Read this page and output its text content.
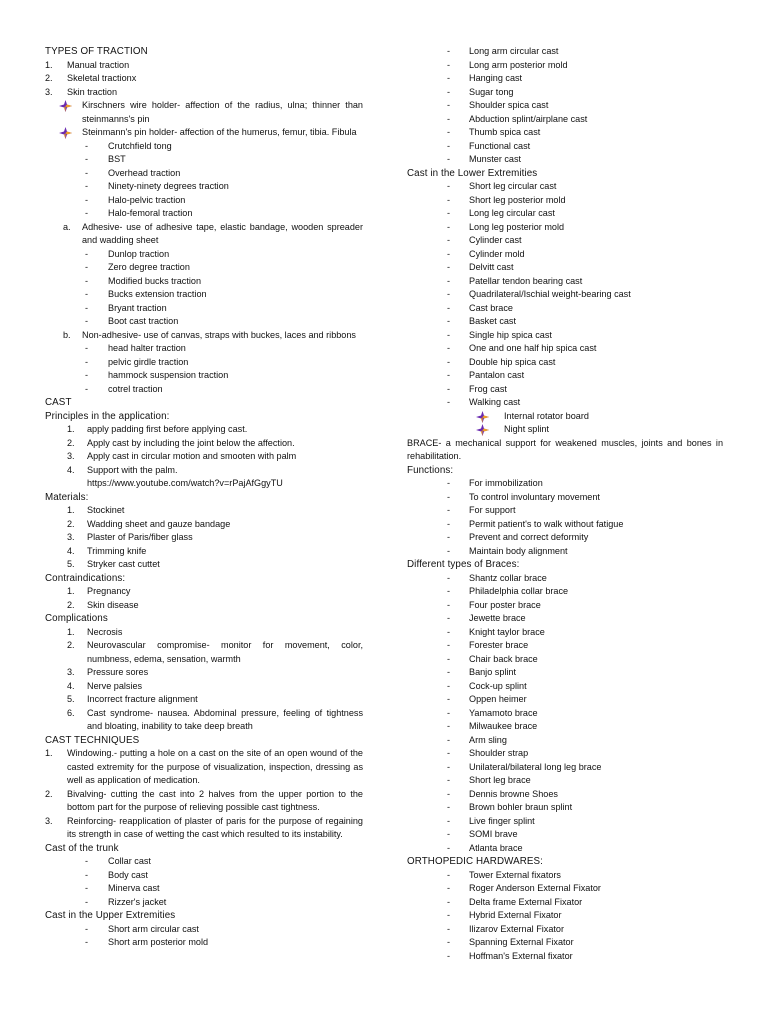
TYPES OF TRACTION
1. Manual traction
2. Skeletal tractionx
3. Skin traction
Kirschners wire holder- affection of the radius, ulna; thinner than steinmanns's pin
Steinmann's pin holder- affection of the humerus, femur, tibia. Fibula
- Crutchfield tong
- BST
- Overhead traction
- Ninety-ninety degrees traction
- Halo-pelvic traction
- Halo-femoral traction
a. Adhesive- use of adhesive tape, elastic bandage, wooden spreader and wadding sheet
- Dunlop traction
- Zero degree traction
- Modified bucks traction
- Bucks extension traction
- Bryant traction
- Boot cast traction
b. Non-adhesive- use of canvas, straps with buckes, laces and ribbons
- head halter traction
- pelvic girdle traction
- hammock suspension traction
- cotrel traction
CAST
Principles in the application:
1. apply padding first before applying cast.
2. Apply cast by including the joint below the affection.
3. Apply cast in circular motion and smooten with palm
4. Support with the palm.
https://www.youtube.com/watch?v=rPajAfGgyTU
Materials:
1. Stockinet
2. Wadding sheet and gauze bandage
3. Plaster of Paris/fiber glass
4. Trimming knife
5. Stryker cast cuttet
Contraindications:
1. Pregnancy
2. Skin disease
Complications
1. Necrosis
2. Neurovascular compromise- monitor for movement, color, numbness, edema, sensation, warmth
3. Pressure sores
4. Nerve palsies
5. Incorrect fracture alignment
6. Cast syndrome- nausea. Abdominal pressure, feeling of tightness and bloating, inability to take deep breath
CAST TECHNIQUES
1. Windowing.- putting a hole on a cast on the site of an open wound of the casted extremity for the purpose of visualization, inspection, dressing as well as application of medication.
2. Bivalving- cutting the cast into 2 halves from the upper portion to the bottom part for the purpose of relieving possible cast tightness.
3. Reinforcing- reapplication of plaster of paris for the purpose of regaining its strength in case of wetting the cast which resulted to its instability.
Cast of the trunk
- Collar cast
- Body cast
- Minerva cast
- Rizzer's jacket
Cast in the Upper Extremities
- Short arm circular cast
- Short arm posterior mold
- Long arm circular cast
- Long arm posterior mold
- Hanging cast
- Sugar tong
- Shoulder spica cast
- Abduction splint/airplane cast
- Thumb spica cast
- Functional cast
- Munster cast
Cast in the Lower Extremities
- Short leg circular cast
- Short leg posterior mold
- Long leg circular cast
- Long leg posterior mold
- Cylinder cast
- Cylinder mold
- Delvitt cast
- Patellar tendon bearing cast
- Quadrilateral/Ischial weight-bearing cast
- Cast brace
- Basket cast
- Single hip spica cast
- One and one half hip spica cast
- Double hip spica cast
- Pantalon cast
- Frog cast
- Walking cast
Internal rotator board
Night splint
BRACE- a mechanical support for weakened muscles, joints and bones in rehabilitation.
Functions:
- For immobilization
- To control involuntary movement
- For support
- Permit patient's to walk without fatigue
- Prevent and correct deformity
- Maintain body alignment
Different types of Braces:
- Shantz collar brace
- Philadelphia collar brace
- Four poster brace
- Jewette brace
- Knight taylor brace
- Forester brace
- Chair back brace
- Banjo splint
- Cock-up splint
- Oppen heimer
- Yamamoto brace
- Milwaukee brace
- Arm sling
- Shoulder strap
- Unilateral/bilateral long leg brace
- Short leg brace
- Dennis browne Shoes
- Brown bohler braun splint
- Live finger splint
- SOMI brave
- Atlanta brace
ORTHOPEDIC HARDWARES:
- Tower External fixators
- Roger Anderson External Fixator
- Delta frame External Fixator
- Hybrid External Fixator
- Ilizarov External Fixator
- Spanning External Fixator
- Hoffman's External fixator
